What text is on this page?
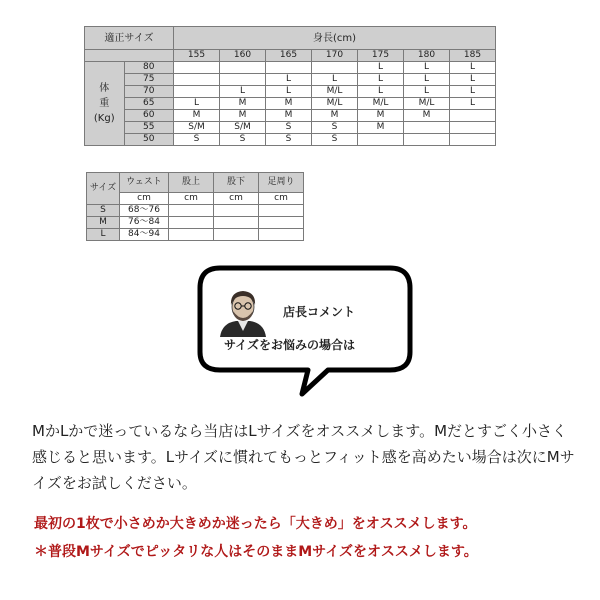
適正サイズ		身長(cm)						
		155	160	165	170	175	180	185
体
重
(Kg)	80					L	L	L
	75			L	L	L	L	L
	70		L	L	M/L	L	L	L
	65	L	M	M	M/L	M/L	M/L	L
	60	M	M	M	M	M	M	
	55	S/M	S/M	S	S	M		
	50	S	S	S	S			
サイズ	ウェスト	股上	股下	足周り
	cm	cm	cm	cm
S	68〜76			
M	76〜84			
L	84〜94			
店長コメント
サイズをお悩みの場合は
MかLかで迷っているなら当店はLサイズをオススメします。Mだとすごく小さく感じると思います。Lサイズに慣れてもっとフィット感を高めたい場合は次にMサイズをお試しください。
最初の1枚で小さめか大きめか迷ったら「大きめ」をオススメします。
＊普段Mサイズでピッタリな人はそのままMサイズをオススメします。
